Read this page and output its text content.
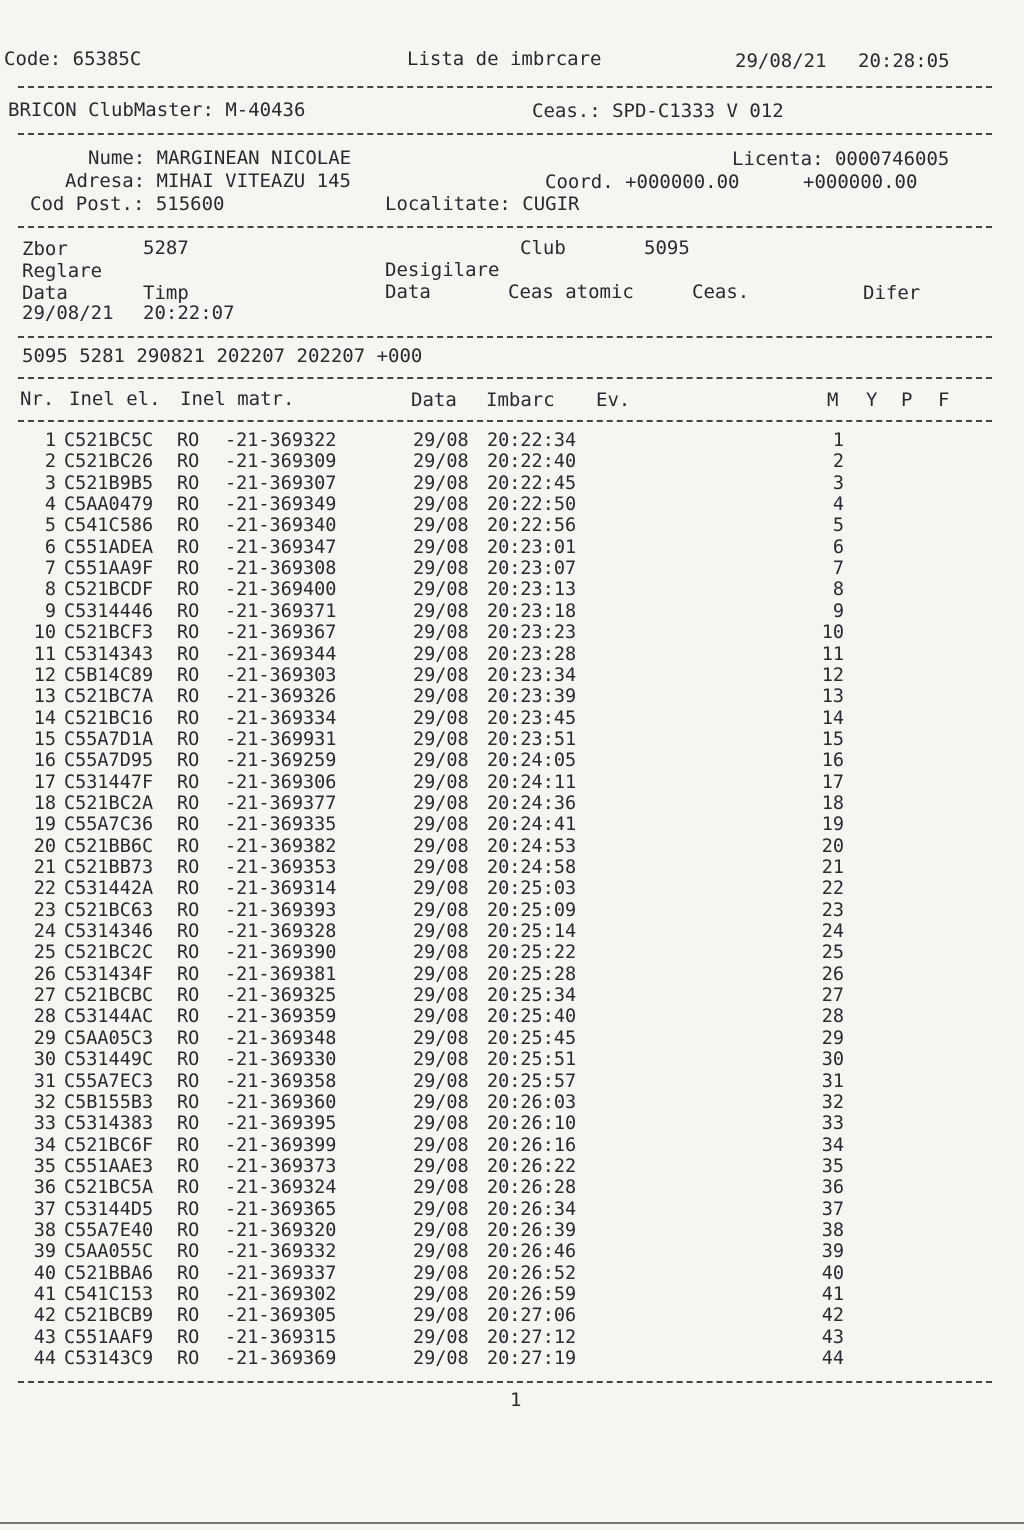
Code: 65385C	Lista de imbrcare	29/08/21 20:28:05
BRICON ClubMaster: M-40436	Ceas.: SPD-C1333 V 012
Nume: MARGINEAN NICOLAE	Licenta: 0000746005
Adresa: MIHAI VITEAZU 145	Coord. +000000.00	+000000.00
Cod Post.: 515600	Localitate: CUGIR
Zbor	5287	Club	5095
Reglare	Desigilare
Data	Timp	Data	Ceas atomic	Ceas.	Difer
29/08/21 20:22:07
5095 5281 290821 202207 202207 +000
Nr. Inel el. Inel matr.	Data Imbarc Ev.	M Y P F
1 C521BC5C RO -21-369322	29/08 20:22:34	1
2 C521BC26 RO -21-369309	29/08 20:22:40	2
3 C521B9B5 RO -21-369307	29/08 20:22:45	3
4 C5AA0479 RO -21-369349	29/08 20:22:50	4
5 C541C586 RO -21-369340	29/08 20:22:56	5
6 C551ADEA RO -21-369347	29/08 20:23:01	6
7 C551AA9F RO -21-369308	29/08 20:23:07	7
8 C521BCDF RO -21-369400	29/08 20:23:13	8
9 C5314446 RO -21-369371	29/08 20:23:18	9
10 C521BCF3 RO -21-369367	29/08 20:23:23	10
11 C5314343 RO -21-369344	29/08 20:23:28	11
12 C5B14C89 RO -21-369303	29/08 20:23:34	12
13 C521BC7A RO -21-369326	29/08 20:23:39	13
14 C521BC16 RO -21-369334	29/08 20:23:45	14
15 C55A7D1A RO -21-369931	29/08 20:23:51	15
16 C55A7D95 RO -21-369259	29/08 20:24:05	16
17 C531447F RO -21-369306	29/08 20:24:11	17
18 C521BC2A RO -21-369377	29/08 20:24:36	18
19 C55A7C36 RO -21-369335	29/08 20:24:41	19
20 C521BB6C RO -21-369382	29/08 20:24:53	20
21 C521BB73 RO -21-369353	29/08 20:24:58	21
22 C531442A RO -21-369314	29/08 20:25:03	22
23 C521BC63 RO -21-369393	29/08 20:25:09	23
24 C5314346 RO -21-369328	29/08 20:25:14	24
25 C521BC2C RO -21-369390	29/08 20:25:22	25
26 C531434F RO -21-369381	29/08 20:25:28	26
27 C521BCBC RO -21-369325	29/08 20:25:34	27
28 C53144AC RO -21-369359	29/08 20:25:40	28
29 C5AA05C3 RO -21-369348	29/08 20:25:45	29
30 C531449C RO -21-369330	29/08 20:25:51	30
31 C55A7EC3 RO -21-369358	29/08 20:25:57	31
32 C5B155B3 RO -21-369360	29/08 20:26:03	32
33 C5314383 RO -21-369395	29/08 20:26:10	33
34 C521BC6F RO -21-369399	29/08 20:26:16	34
35 C551AAE3 RO -21-369373	29/08 20:26:22	35
36 C521BC5A RO -21-369324	29/08 20:26:28	36
37 C53144D5 RO -21-369365	29/08 20:26:34	37
38 C55A7E40 RO -21-369320	29/08 20:26:39	38
39 C5AA055C RO -21-369332	29/08 20:26:46	39
40 C521BBA6 RO -21-369337	29/08 20:26:52	40
41 C541C153 RO -21-369302	29/08 20:26:59	41
42 C521BCB9 RO -21-369305	29/08 20:27:06	42
43 C551AAF9 RO -21-369315	29/08 20:27:12	43
44 C53143C9 RO -21-369369	29/08 20:27:19	44
1
